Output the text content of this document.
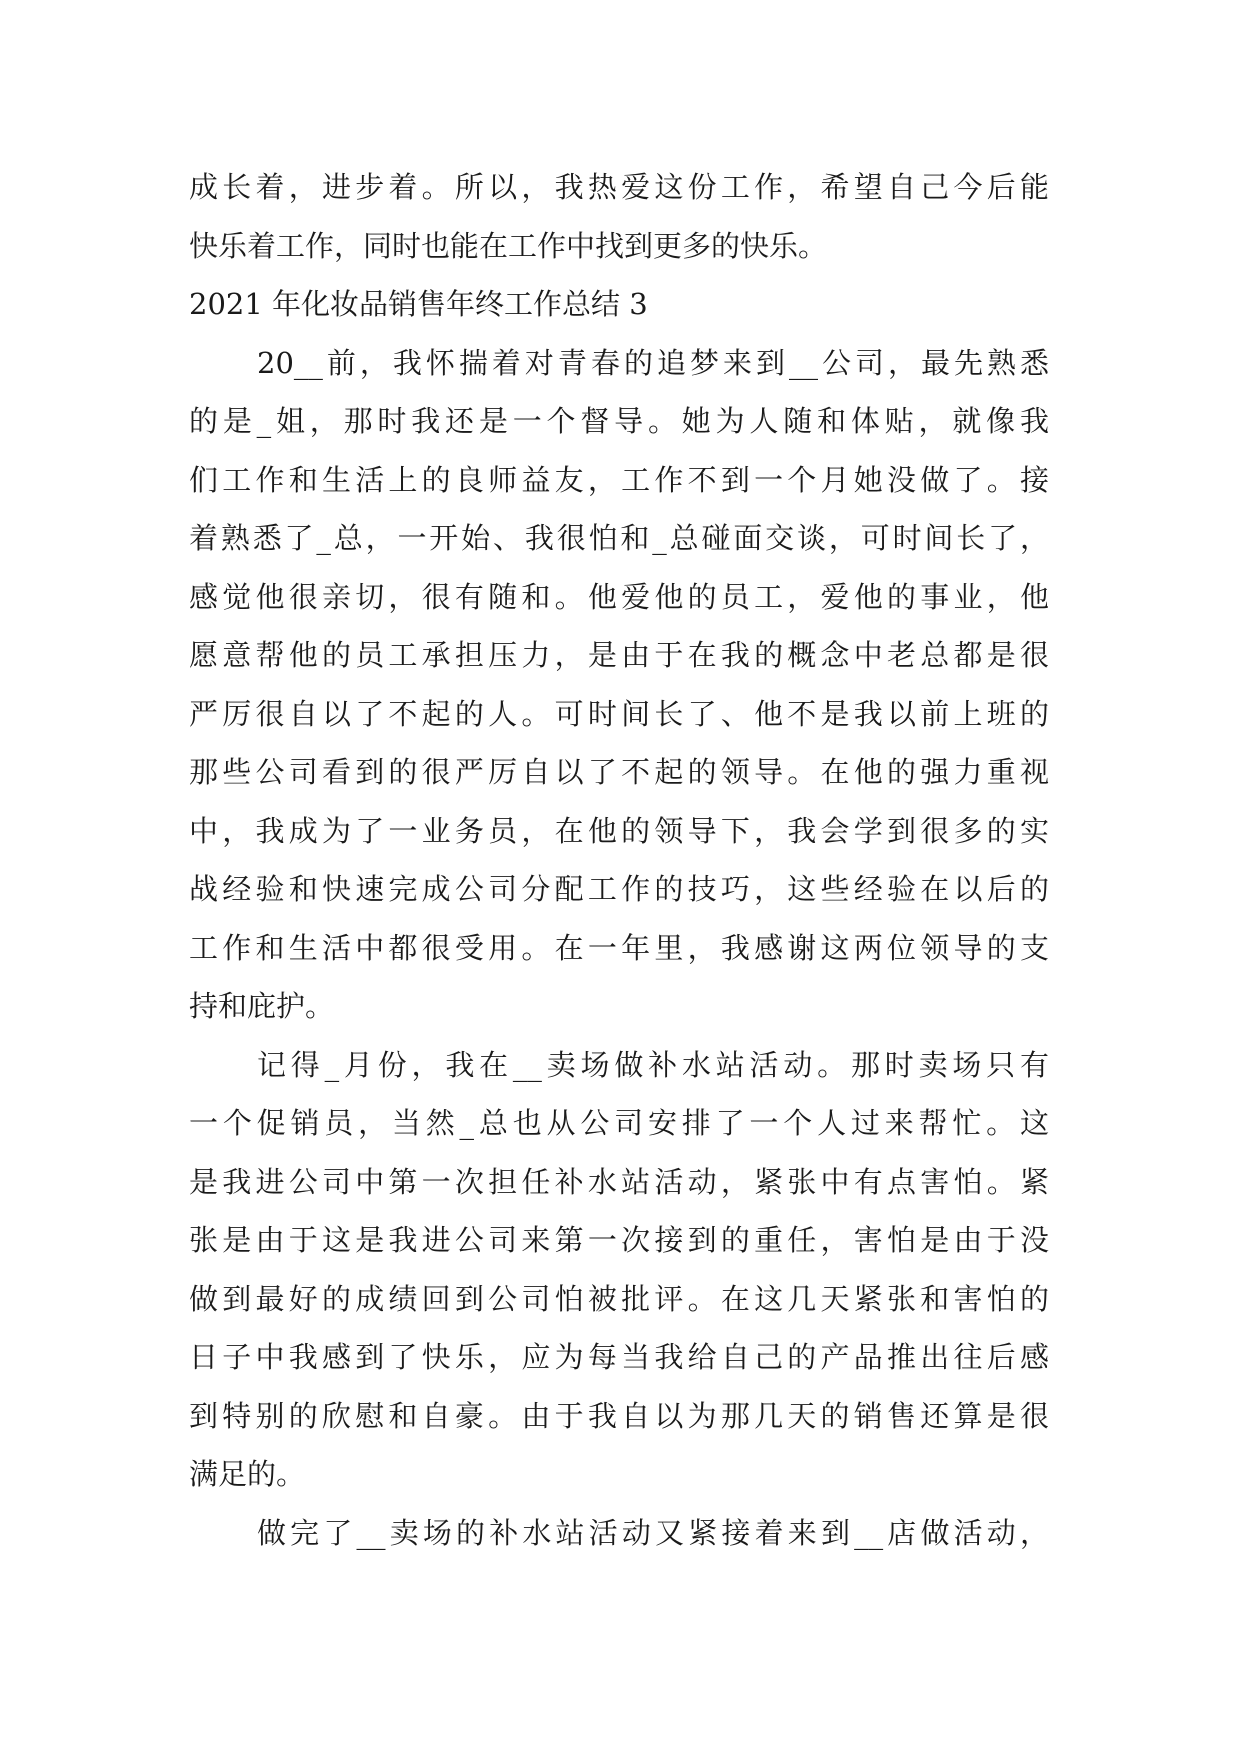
成长着，进步着。所以，我热爱这份工作，希望自己今后能
快乐着工作，同时也能在工作中找到更多的快乐。
2021 年化妆品销售年终工作总结 3
20__前，我怀揣着对青春的追梦来到__公司，最先熟悉
的是_姐，那时我还是一个督导。她为人随和体贴，就像我
们工作和生活上的良师益友，工作不到一个月她没做了。接
着熟悉了_总，一开始、我很怕和_总碰面交谈，可时间长了，
感觉他很亲切，很有随和。他爱他的员工，爱他的事业，他
愿意帮他的员工承担压力，是由于在我的概念中老总都是很
严厉很自以了不起的人。可时间长了、他不是我以前上班的
那些公司看到的很严厉自以了不起的领导。在他的强力重视
中，我成为了一业务员，在他的领导下，我会学到很多的实
战经验和快速完成公司分配工作的技巧，这些经验在以后的
工作和生活中都很受用。在一年里，我感谢这两位领导的支
持和庇护。
记得_月份，我在__卖场做补水站活动。那时卖场只有
一个促销员，当然_总也从公司安排了一个人过来帮忙。这
是我进公司中第一次担任补水站活动，紧张中有点害怕。紧
张是由于这是我进公司来第一次接到的重任，害怕是由于没
做到最好的成绩回到公司怕被批评。在这几天紧张和害怕的
日子中我感到了快乐，应为每当我给自己的产品推出往后感
到特别的欣慰和自豪。由于我自以为那几天的销售还算是很
满足的。
做完了__卖场的补水站活动又紧接着来到__店做活动，
